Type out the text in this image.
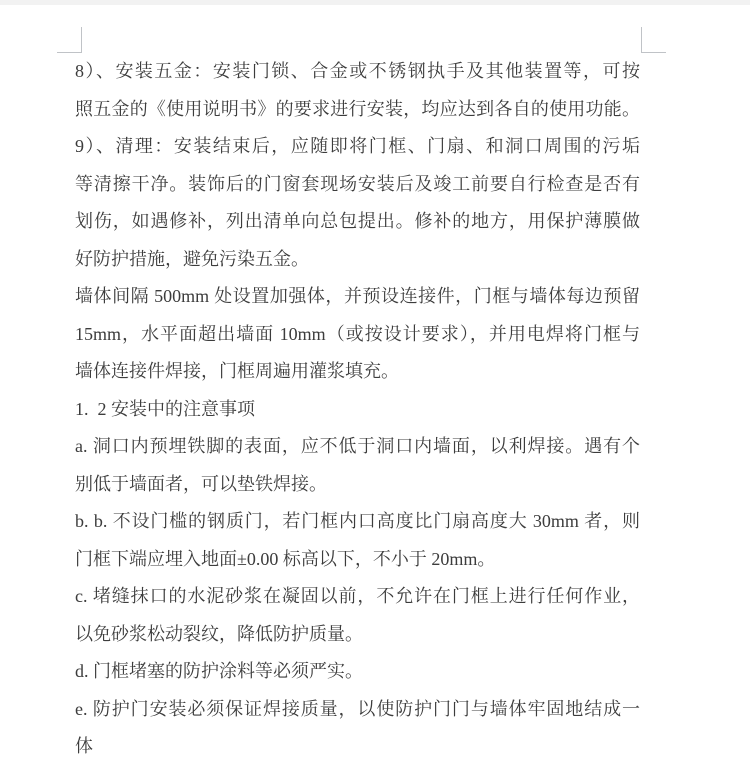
8）、安装五金：安装门锁、合金或不锈钢执手及其他装置等，可按
照五金的《使用说明书》的要求进行安装，均应达到各自的使用功能。
9）、清理：安装结束后，应随即将门框、门扇、和洞口周围的污垢
等清擦干净。装饰后的门窗套现场安装后及竣工前要自行检查是否有
划伤，如遇修补，列出清单向总包提出。修补的地方，用保护薄膜做
好防护措施，避免污染五金。
墙体间隔 500mm 处设置加强体，并预设连接件，门框与墙体每边预留
15mm，水平面超出墙面 10mm（或按设计要求），并用电焊将门框与
墙体连接件焊接，门框周遍用灌浆填充。
1. 2 安装中的注意事项
a. 洞口内预埋铁脚的表面，应不低于洞口内墙面，以利焊接。遇有个
别低于墙面者，可以垫铁焊接。
b. b. 不设门槛的钢质门，若门框内口高度比门扇高度大 30mm 者，则
门框下端应埋入地面±0.00 标高以下，不小于 20mm。
c. 堵缝抹口的水泥砂浆在凝固以前，不允许在门框上进行任何作业，
以免砂浆松动裂纹，降低防护质量。
d. 门框堵塞的防护涂料等必须严实。
e. 防护门安装必须保证焊接质量，以使防护门门与墙体牢固地结成一
体
